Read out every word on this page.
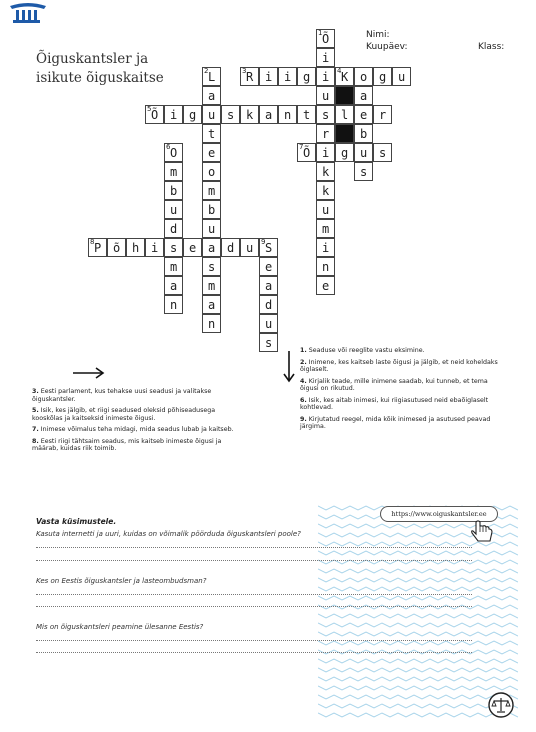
Õiguskantsler ja
isikute õiguskaitse
Nimi:
Kuupäev:	Klass:
1 Õ
i
2 L	3 R i i g i	4 K o g u
a	u	a
5 Õ i g u s k a n t s l e r
t	r	b
6 O	e	7 Õ i g u s
m	o	k	s
b	m	k
u	b	u
d	u	m
8 P õ h i s e a d u	9 S	i
m	s	e	n
a	m	a	e
n	a	d
n	u
s

1. Seaduse või reeglite vastu eksimine.

2. Inimene, kes kaitseb laste õigusi ja jälgib, et neid koheldaks õiglaselt.

4. Kirjalik teade, mille inimene saadab, kui tunneb, et tema õigusi on rikutud.

6. Isik, kes aitab inimesi, kui riigiasutused neid ebaõiglaselt kohtlevad.

9. Kirjutatud reegel, mida kõik inimesed ja asutused peavad järgima.

3. Eesti parlament, kus tehakse uusi seadusi ja valitakse õiguskantsler.

5. Isik, kes jälgib, et riigi seadused oleksid põhiseadusega kooskõlas ja kaitseksid inimeste õigusi.

7. Inimese võimalus teha midagi, mida seadus lubab ja kaitseb.

8. Eesti riigi tähtsaim seadus, mis kaitseb inimeste õigusi ja määrab, kuidas riik toimib.

https://www.oiguskantsler.ee
Vasta küsimustele.
Kasuta internetti ja uuri, kuidas on võimalik pöörduda õiguskantsleri poole?
Kes on Eestis õiguskantsler ja lasteombudsman?
Mis on õiguskantsleri peamine ülesanne Eestis?
